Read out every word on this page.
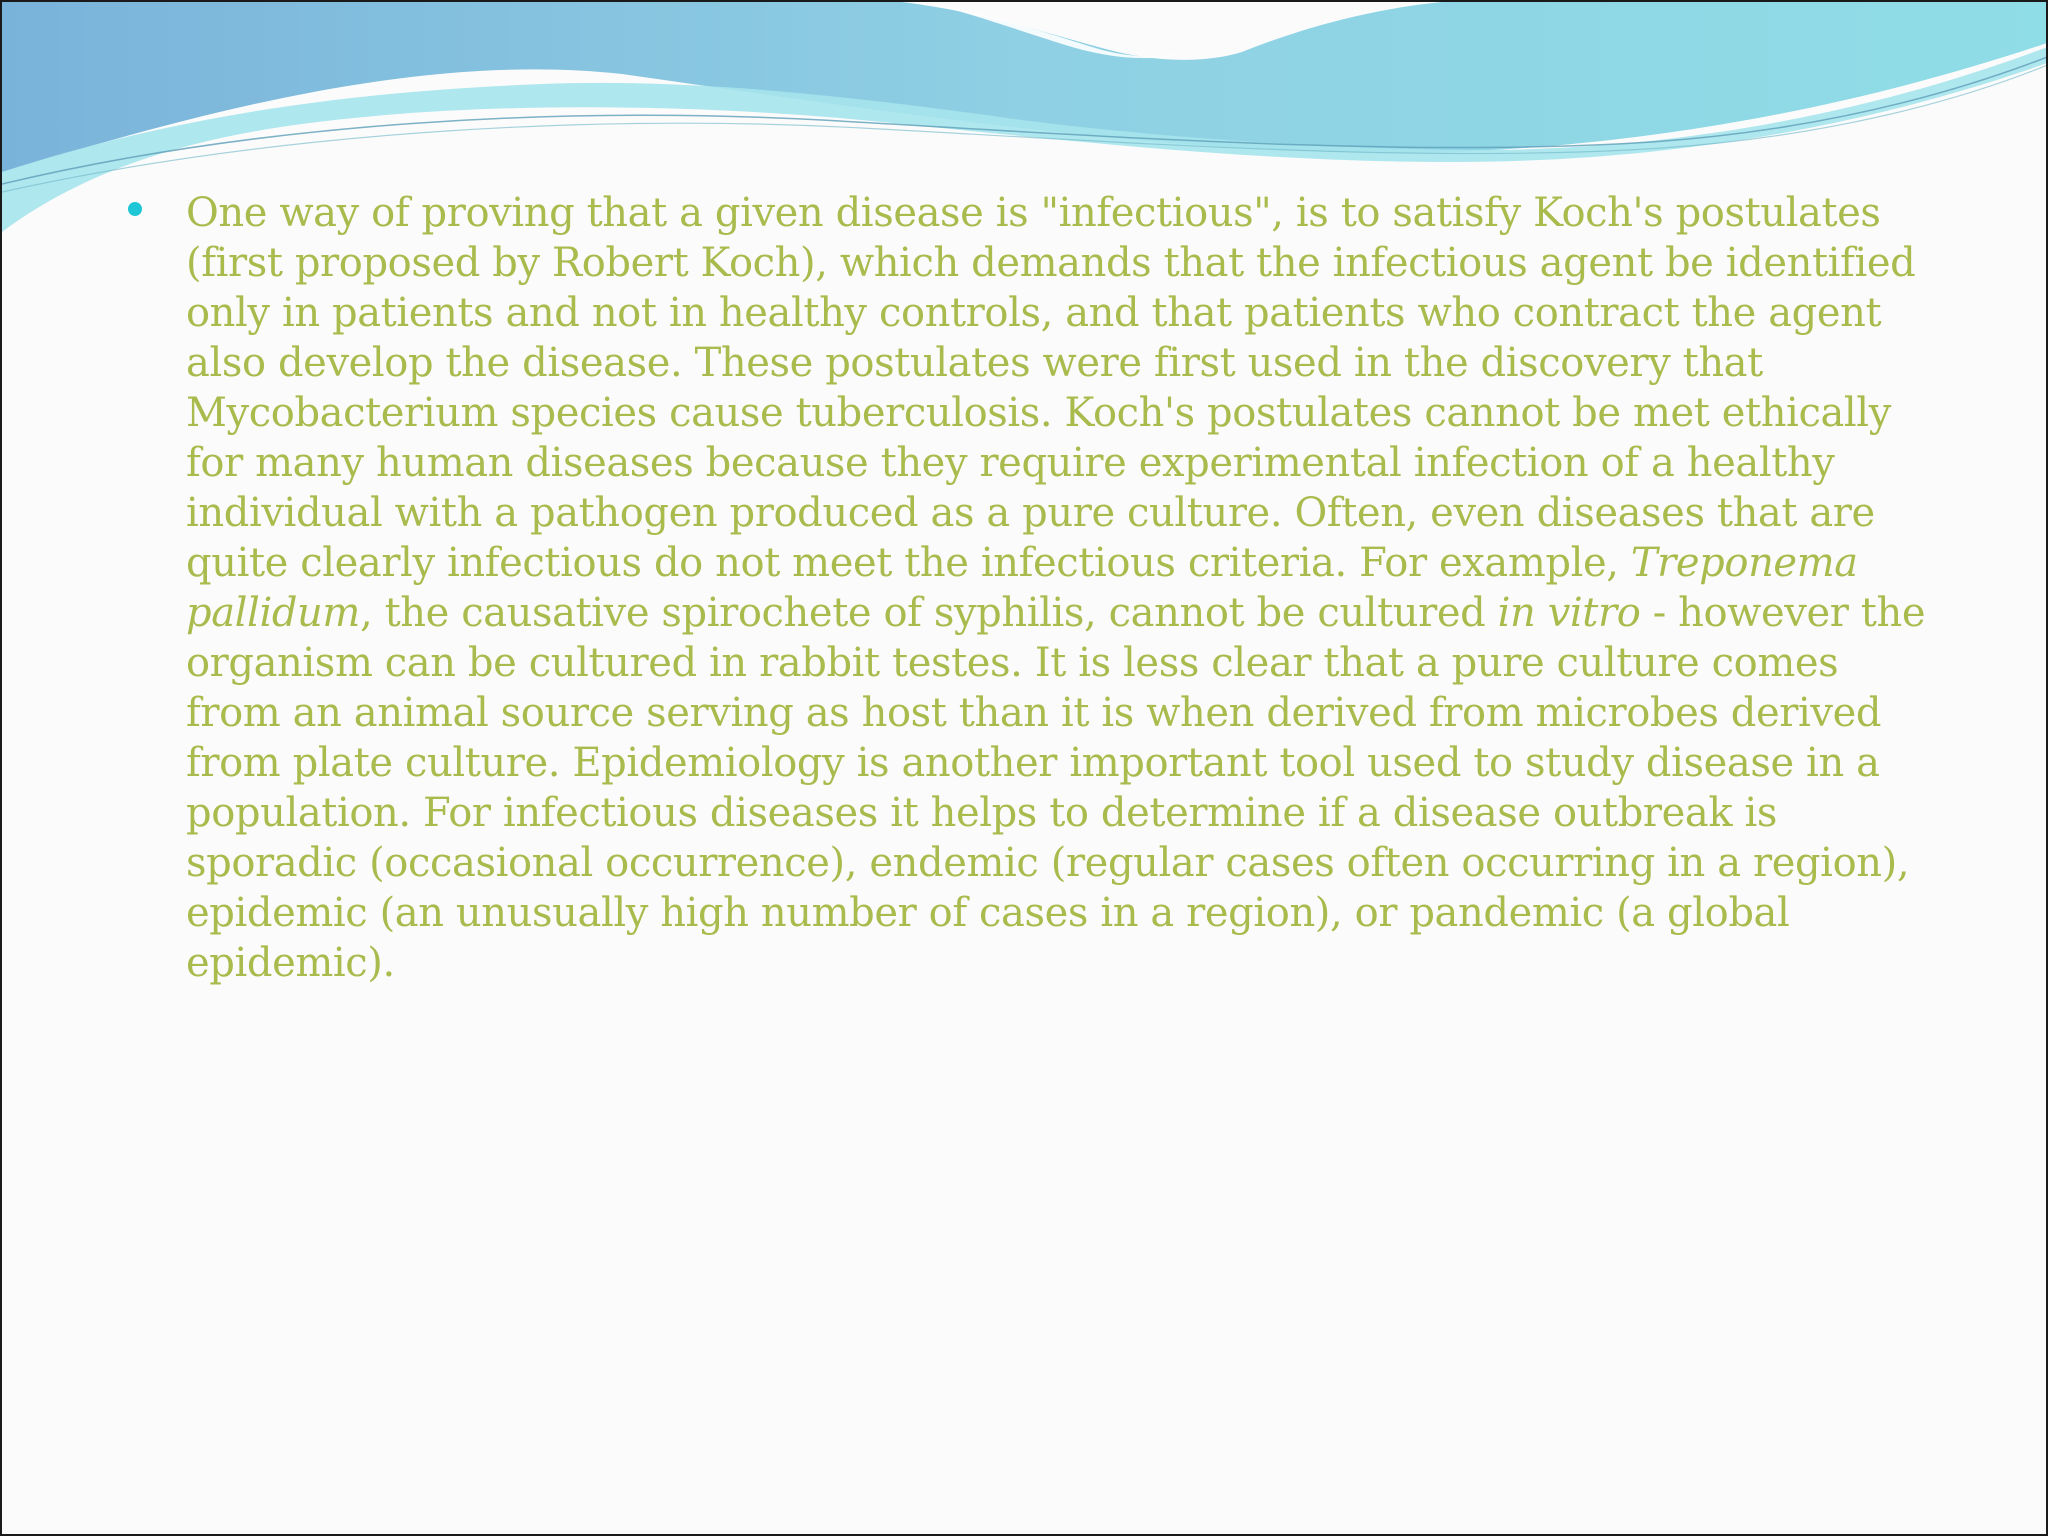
One way of proving that a given disease is "infectious", is to satisfy Koch's postulates (first proposed by Robert Koch), which demands that the infectious agent be identified only in patients and not in healthy controls, and that patients who contract the agent also develop the disease. These postulates were first used in the discovery that Mycobacterium species cause tuberculosis. Koch's postulates cannot be met ethically for many human diseases because they require experimental infection of a healthy individual with a pathogen produced as a pure culture. Often, even diseases that are quite clearly infectious do not meet the infectious criteria. For example, Treponema pallidum, the causative spirochete of syphilis, cannot be cultured in vitro - however the organism can be cultured in rabbit testes. It is less clear that a pure culture comes from an animal source serving as host than it is when derived from microbes derived from plate culture. Epidemiology is another important tool used to study disease in a population. For infectious diseases it helps to determine if a disease outbreak is sporadic (occasional occurrence), endemic (regular cases often occurring in a region), epidemic (an unusually high number of cases in a region), or pandemic (a global epidemic).
